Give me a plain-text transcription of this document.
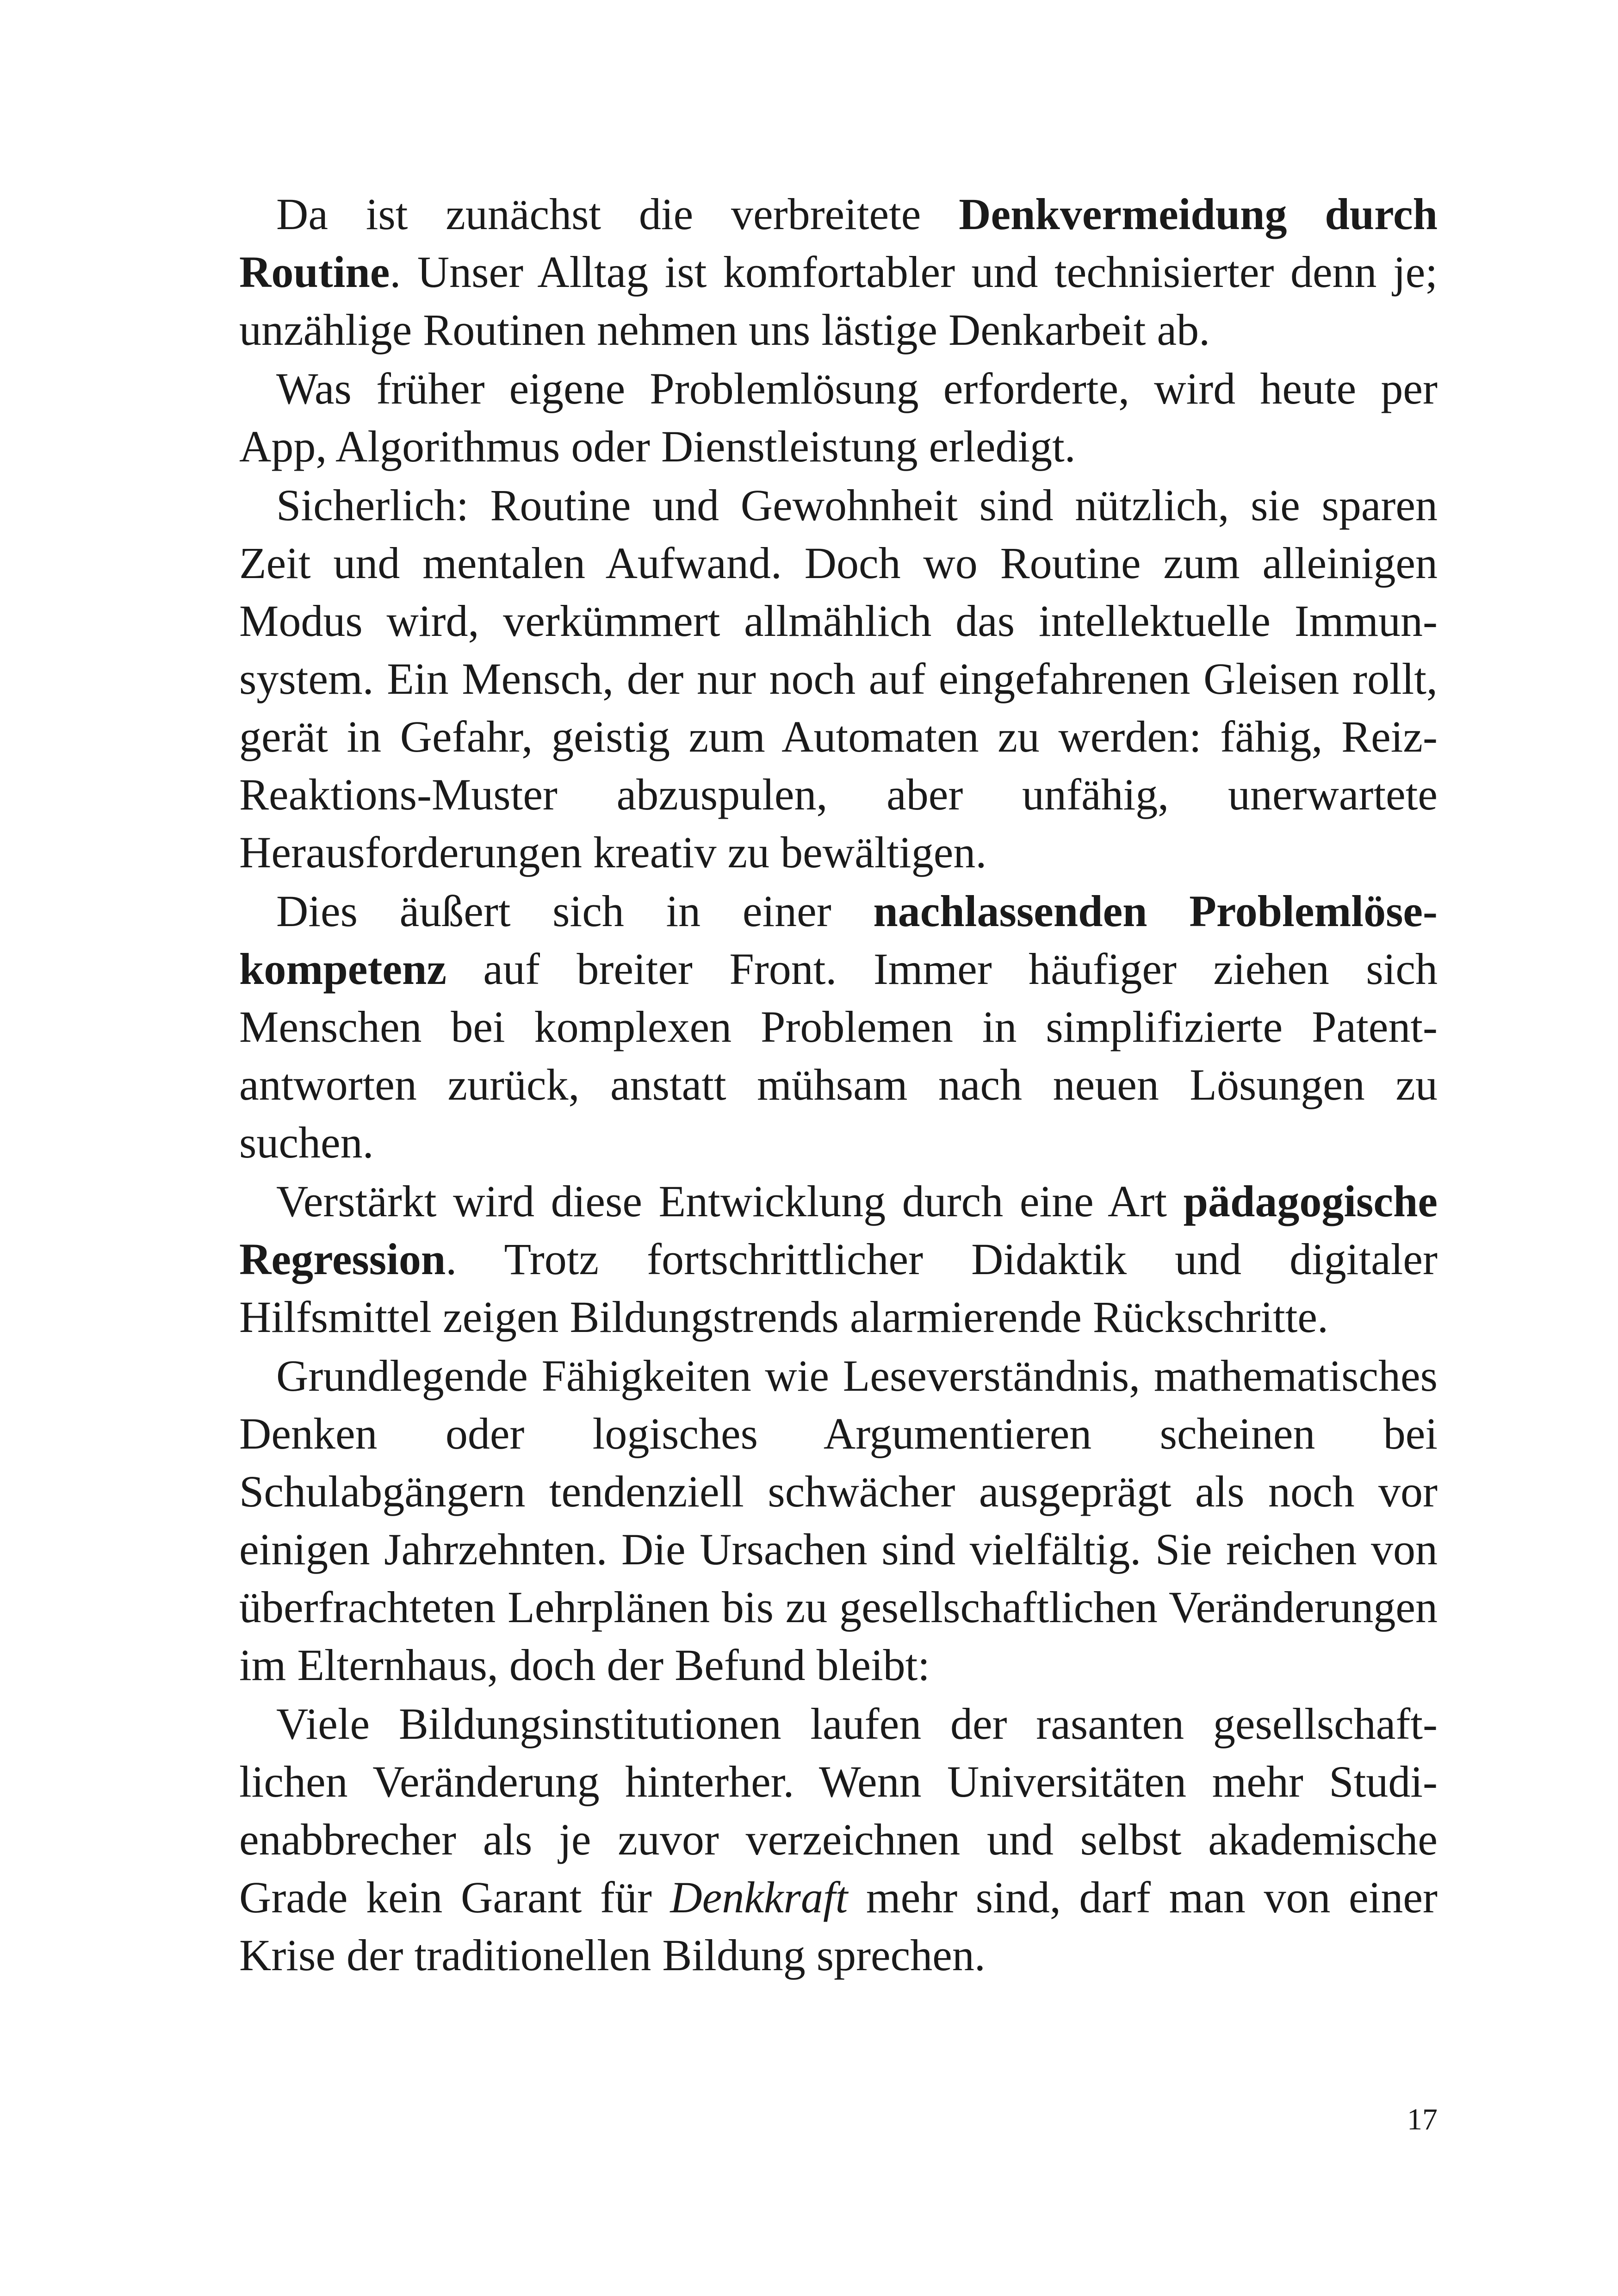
Da ist zunächst die verbreitete Denkvermeidung durch Routine. Unser Alltag ist komfortabler und technisierter denn je; unzählige Routinen nehmen uns lästige Denkarbeit ab.

Was früher eigene Problemlösung erforderte, wird heute per App, Algorithmus oder Dienstleistung erledigt.

Sicherlich: Routine und Gewohnheit sind nützlich, sie sparen Zeit und mentalen Aufwand. Doch wo Routine zum alleinigen Modus wird, verkümmert allmählich das intellektuelle Immunsystem. Ein Mensch, der nur noch auf eingefahrenen Gleisen rollt, gerät in Gefahr, geistig zum Automaten zu werden: fähig, Reiz-Reaktions-Muster abzuspulen, aber unfähig, unerwartete Herausforderungen kreativ zu bewältigen.

Dies äußert sich in einer nachlassenden Problemlösekompetenz auf breiter Front. Immer häufiger ziehen sich Menschen bei komplexen Problemen in simplifizierte Patentantworten zurück, anstatt mühsam nach neuen Lösungen zu suchen.

Verstärkt wird diese Entwicklung durch eine Art pädagogische Regression. Trotz fortschrittlicher Didaktik und digitaler Hilfsmittel zeigen Bildungstrends alarmierende Rückschritte.

Grundlegende Fähigkeiten wie Leseverständnis, mathematisches Denken oder logisches Argumentieren scheinen bei Schulabgängern tendenziell schwächer ausgeprägt als noch vor einigen Jahrzehnten. Die Ursachen sind vielfältig. Sie reichen von überfrachteten Lehrplänen bis zu gesellschaftlichen Veränderungen im Elternhaus, doch der Befund bleibt:

Viele Bildungsinstitutionen laufen der rasanten gesellschaftlichen Veränderung hinterher. Wenn Universitäten mehr Studienabbrecher als je zuvor verzeichnen und selbst akademische Grade kein Garant für Denkkraft mehr sind, darf man von einer Krise der traditionellen Bildung sprechen.

17
